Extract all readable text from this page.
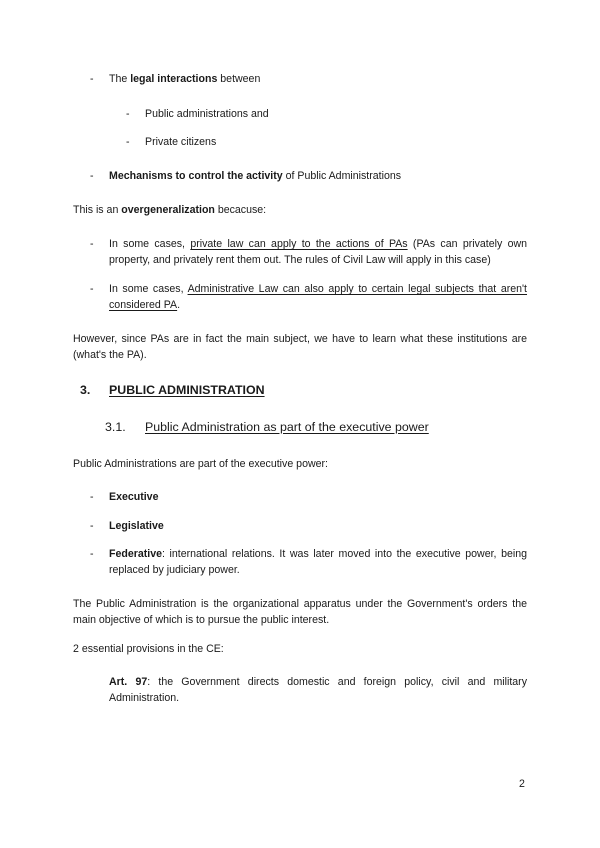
- The legal interactions between
- Public administrations and
- Private citizens
- Mechanisms to control the activity of Public Administrations
This is an overgeneralization becacuse:
- In some cases, private law can apply to the actions of PAs (PAs can privately own property, and privately rent them out. The rules of Civil Law will apply in this case)
- In some cases, Administrative Law can also apply to certain legal subjects that aren't considered PA.
However, since PAs are in fact the main subject, we have to learn what these institutions are (what's the PA).
3. PUBLIC ADMINISTRATION
3.1. Public Administration as part of the executive power
Public Administrations are part of the executive power:
- Executive
- Legislative
- Federative: international relations. It was later moved into the executive power, being replaced by judiciary power.
The Public Administration is the organizational apparatus under the Government's orders the main objective of which is to pursue the public interest.
2 essential provisions in the CE:
Art. 97: the Government directs domestic and foreign policy, civil and military Administration.
2
